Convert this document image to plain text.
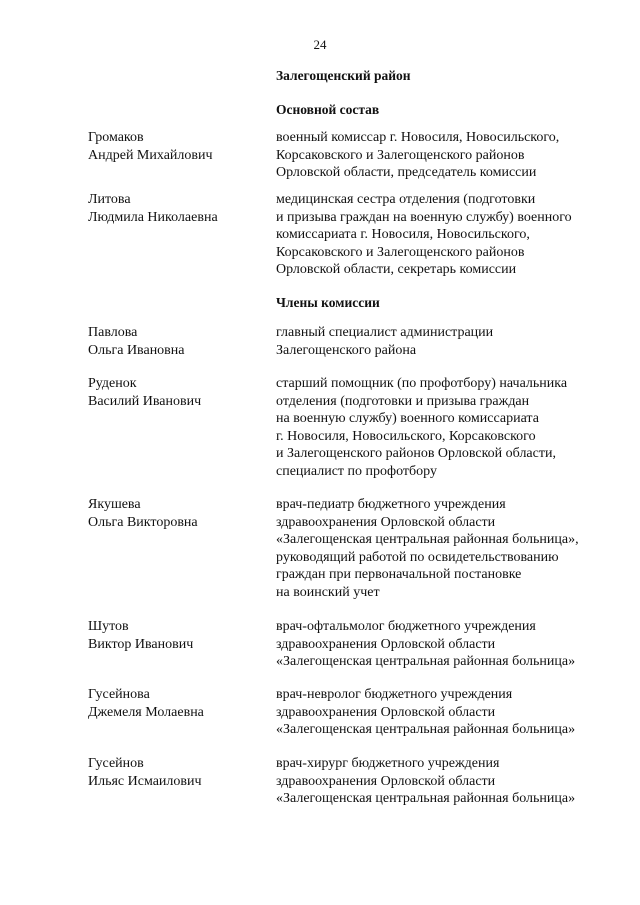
24
Залегощенский район
Основной состав
Громаков
Андрей Михайлович
военный комиссар г. Новосиля, Новосильского,
Корсаковского и Залегощенского районов
Орловской области, председатель комиссии
Литова
Людмила Николаевна
медицинская сестра отделения (подготовки
и призыва граждан на военную службу) военного
комиссариата г. Новосиля, Новосильского,
Корсаковского и Залегощенского районов
Орловской области, секретарь комиссии
Члены комиссии
Павлова
Ольга Ивановна
главный специалист администрации
Залегощенского района
Руденок
Василий Иванович
старший помощник (по профотбору) начальника
отделения (подготовки и призыва граждан
на военную службу) военного комиссариата
г. Новосиля, Новосильского, Корсаковского
и Залегощенского районов Орловской области,
специалист по профотбору
Якушева
Ольга Викторовна
врач-педиатр бюджетного учреждения
здравоохранения Орловской области
«Залегощенская центральная районная больница»,
руководящий работой по освидетельствованию
граждан при первоначальной постановке
на воинский учет
Шутов
Виктор Иванович
врач-офтальмолог бюджетного учреждения
здравоохранения Орловской области
«Залегощенская центральная районная больница»
Гусейнова
Джемеля Молаевна
врач-невролог бюджетного учреждения
здравоохранения Орловской области
«Залегощенская центральная районная больница»
Гусейнов
Ильяс Исмаилович
врач-хирург бюджетного учреждения
здравоохранения Орловской области
«Залегощенская центральная районная больница»
